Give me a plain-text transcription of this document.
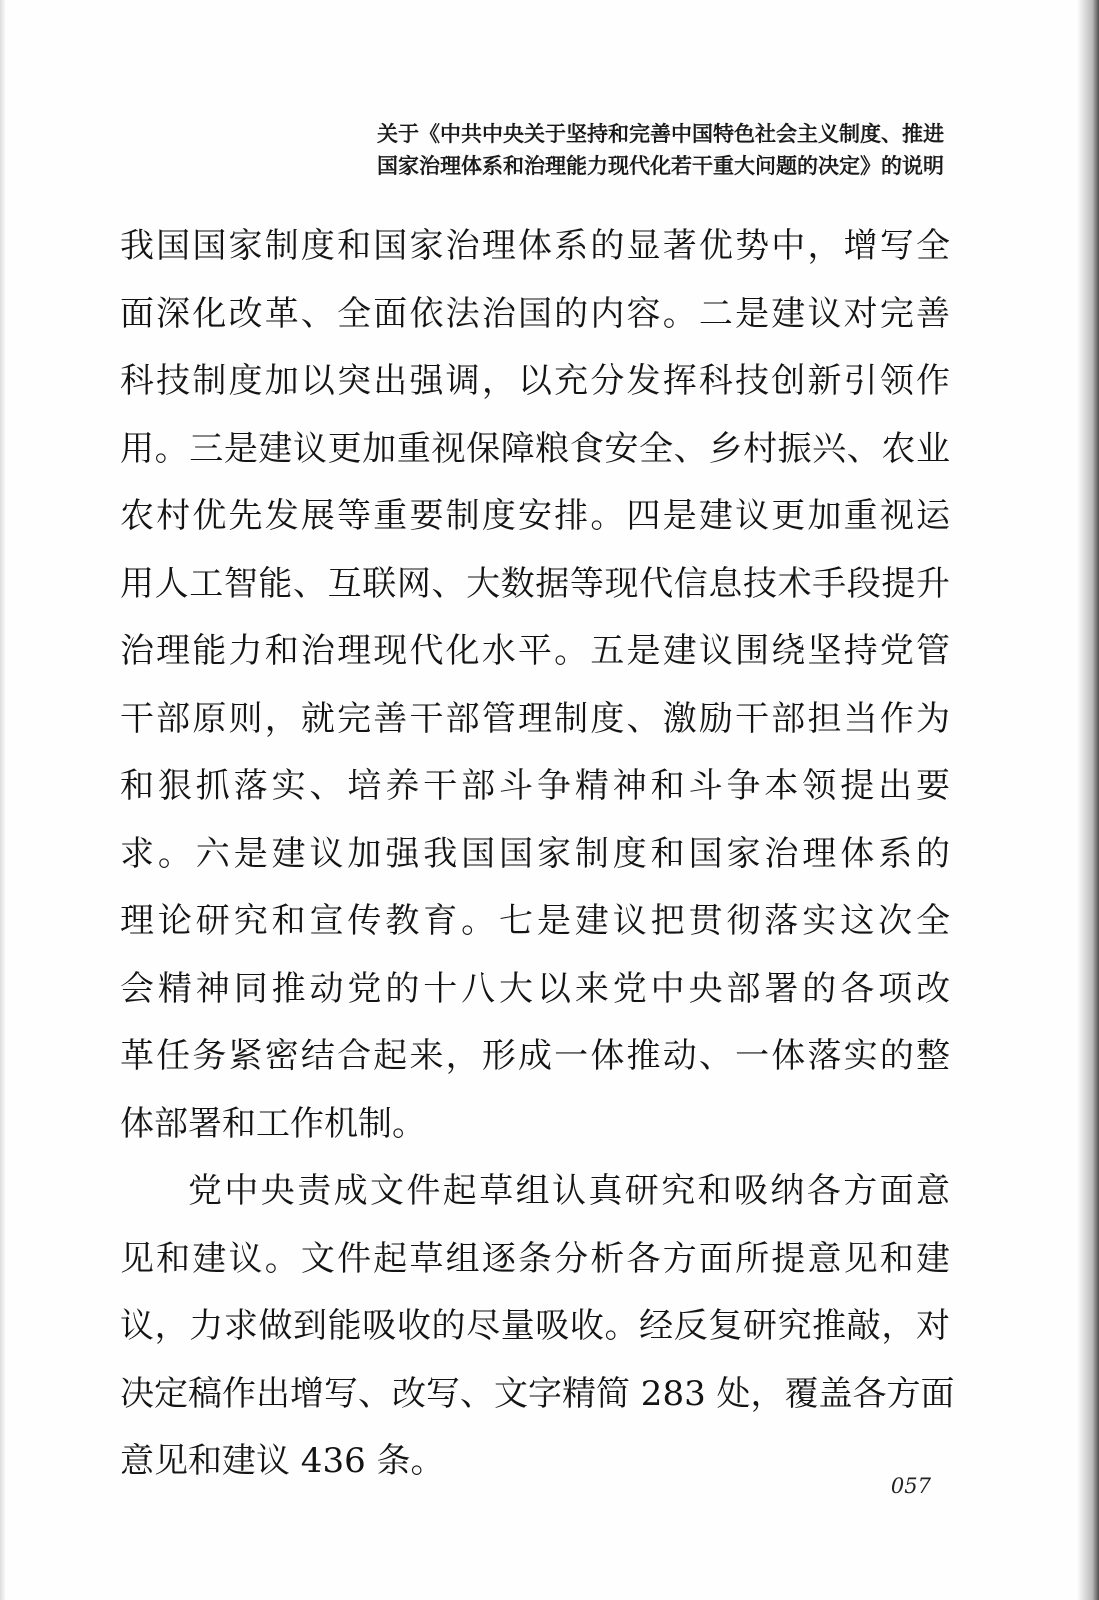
关于《中共中央关于坚持和完善中国特色社会主义制度、推进
国家治理体系和治理能力现代化若干重大问题的决定》的说明
我国国家制度和国家治理体系的显著优势中，增写全
面深化改革、全面依法治国的内容。二是建议对完善
科技制度加以突出强调，以充分发挥科技创新引领作
用。三是建议更加重视保障粮食安全、乡村振兴、农业
农村优先发展等重要制度安排。四是建议更加重视运
用人工智能、互联网、大数据等现代信息技术手段提升
治理能力和治理现代化水平。五是建议围绕坚持党管
干部原则，就完善干部管理制度、激励干部担当作为
和狠抓落实、培养干部斗争精神和斗争本领提出要
求。六是建议加强我国国家制度和国家治理体系的
理论研究和宣传教育。七是建议把贯彻落实这次全
会精神同推动党的十八大以来党中央部署的各项改
革任务紧密结合起来，形成一体推动、一体落实的整
体部署和工作机制。
党中央责成文件起草组认真研究和吸纳各方面意
见和建议。文件起草组逐条分析各方面所提意见和建
议，力求做到能吸收的尽量吸收。经反复研究推敲，对
决定稿作出增写、改写、文字精简 283 处，覆盖各方面
意见和建议 436 条。
057
